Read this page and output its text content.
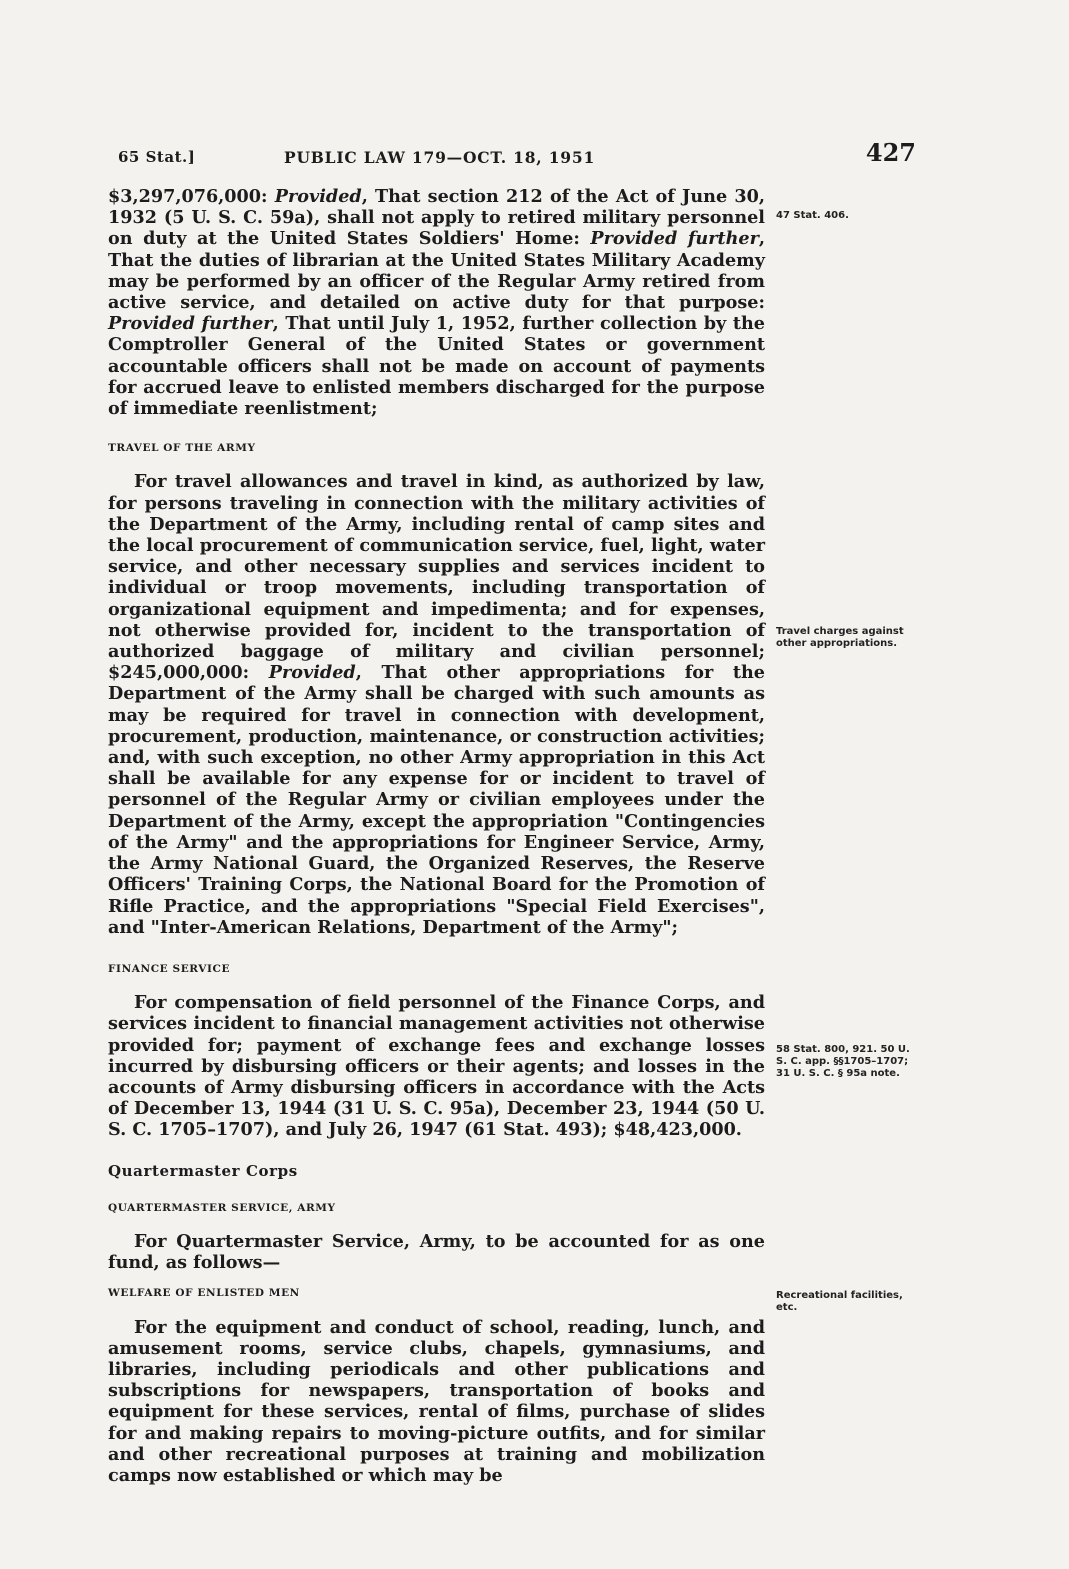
65 Stat.]	PUBLIC LAW 179—OCT. 18, 1951	427

$3,297,076,000: Provided, That section 212 of the Act of June 30, 1932 (5 U. S. C. 59a), shall not apply to retired military personnel on duty at the United States Soldiers' Home: Provided further, That the duties of librarian at the United States Military Academy may be performed by an officer of the Regular Army retired from active service, and detailed on active duty for that purpose: Provided further, That until July 1, 1952, further collection by the Comptroller General of the United States or government accountable officers shall not be made on account of payments for accrued leave to enlisted members discharged for the purpose of immediate reenlistment;

TRAVEL OF THE ARMY

For travel allowances and travel in kind, as authorized by law, for persons traveling in connection with the military activities of the Department of the Army, including rental of camp sites and the local procurement of communication service, fuel, light, water service, and other necessary supplies and services incident to individual or troop movements, including transportation of organizational equipment and impedimenta; and for expenses, not otherwise provided for, incident to the transportation of authorized baggage of military and civilian personnel; $245,000,000: Provided, That other appropriations for the Department of the Army shall be charged with such amounts as may be required for travel in connection with development, procurement, production, maintenance, or construction activities; and, with such exception, no other Army appropriation in this Act shall be available for any expense for or incident to travel of personnel of the Regular Army or civilian employees under the Department of the Army, except the appropriation "Contingencies of the Army" and the appropriations for Engineer Service, Army, the Army National Guard, the Organized Reserves, the Reserve Officers' Training Corps, the National Board for the Promotion of Rifle Practice, and the appropriations "Special Field Exercises", and "Inter-American Relations, Department of the Army";

FINANCE SERVICE

For compensation of field personnel of the Finance Corps, and services incident to financial management activities not otherwise provided for; payment of exchange fees and exchange losses incurred by disbursing officers or their agents; and losses in the accounts of Army disbursing officers in accordance with the Acts of December 13, 1944 (31 U. S. C. 95a), December 23, 1944 (50 U. S. C. 1705–1707), and July 26, 1947 (61 Stat. 493); $48,423,000.

Quartermaster Corps

QUARTERMASTER SERVICE, ARMY

For Quartermaster Service, Army, to be accounted for as one fund, as follows—

WELFARE OF ENLISTED MEN

For the equipment and conduct of school, reading, lunch, and amusement rooms, service clubs, chapels, gymnasiums, and libraries, including periodicals and other publications and subscriptions for newspapers, transportation of books and equipment for these services, rental of films, purchase of slides for and making repairs to moving-picture outfits, and for similar and other recreational purposes at training and mobilization camps now established or which may be

47 Stat. 406.
Travel charges against other appropriations.
58 Stat. 800, 921. 50 U. S. C. app. §§1705–1707; 31 U. S. C. § 95a note.
Recreational facilities, etc.
